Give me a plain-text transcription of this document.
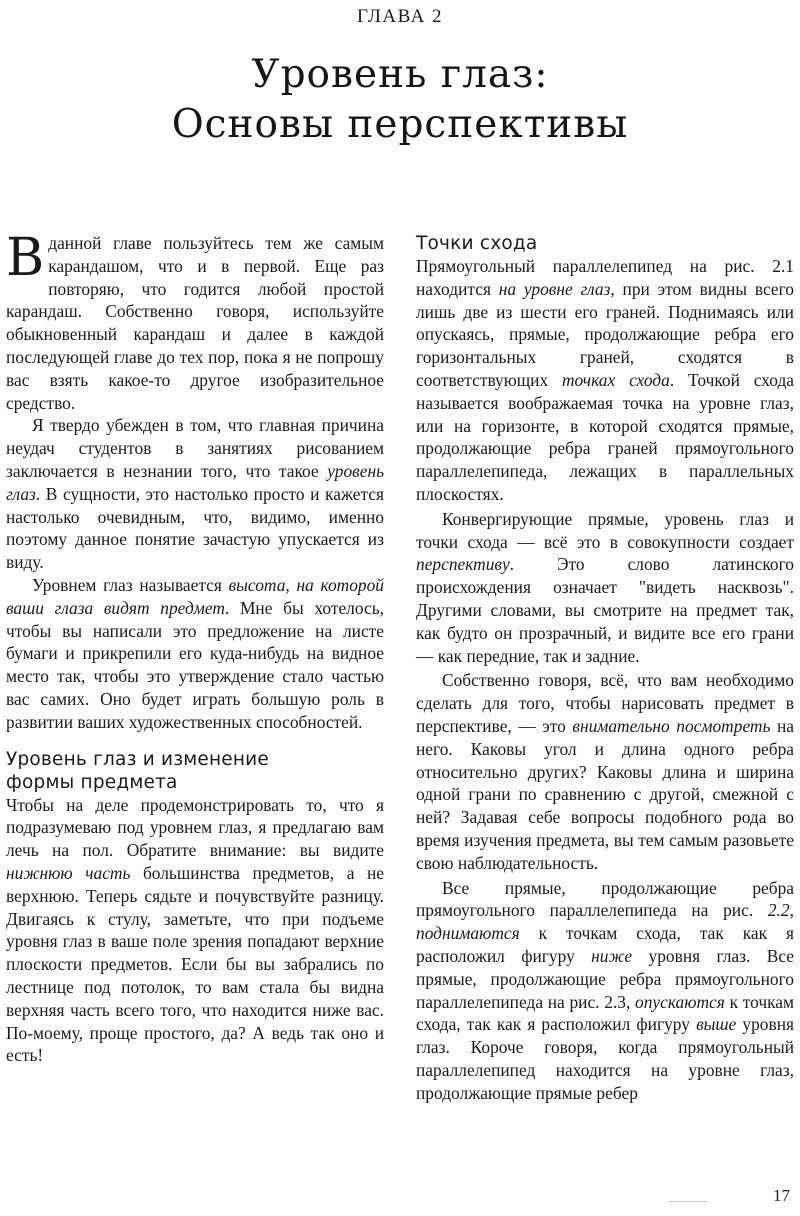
ГЛАВА 2
Уровень глаз:
Основы перспективы

Вданной главе пользуйтесь тем же самым карандашом, что и в первой. Еще раз повторяю, что годится любой простой карандаш. Собственно говоря, используйте обыкновенный карандаш и далее в каждой последующей главе до тех пор, пока я не попрошу вас взять какое-то другое изобразительное средство.

Я твердо убежден в том, что главная причина неудач студентов в занятиях рисованием заключается в незнании того, что такое уровень глаз. В сущности, это настолько просто и кажется настолько очевидным, что, видимо, именно поэтому данное понятие зачастую упускается из виду.

Уровнем глаз называется высота, на которой ваши глаза видят предмет. Мне бы хотелось, чтобы вы написали это предложение на листе бумаги и прикрепили его куда-нибудь на видное место так, чтобы это утверждение стало частью вас самих. Оно будет играть большую роль в развитии ваших художественных способностей.

Уровень глаз и изменение
формы предмета

Чтобы на деле продемонстрировать то, что я подразумеваю под уровнем глаз, я предлагаю вам лечь на пол. Обратите внимание: вы видите нижнюю часть большинства предметов, а не верхнюю. Теперь сядьте и почувствуйте разницу. Двигаясь к стулу, заметьте, что при подъеме уровня глаз в ваше поле зрения попадают верхние плоскости предметов. Если бы вы забрались по лестнице под потолок, то вам стала бы видна верхняя часть всего того, что находится ниже вас. По-моему, проще простого, да? А ведь так оно и есть!

Точки схода

Прямоугольный параллелепипед на рис. 2.1 находится на уровне глаз, при этом видны всего лишь две из шести его граней. Поднимаясь или опускаясь, прямые, продолжающие ребра его горизонтальных граней, сходятся в соответствующих точках схода. Точкой схода называется воображаемая точка на уровне глаз, или на горизонте, в которой сходятся прямые, продолжающие ребра граней прямоугольного параллелепипеда, лежащих в параллельных плоскостях.

Конвергирующие прямые, уровень глаз и точки схода — всё это в совокупности создает перспективу. Это слово латинского происхождения означает "видеть насквозь". Другими словами, вы смотрите на предмет так, как будто он прозрачный, и видите все его грани — как передние, так и задние.

Собственно говоря, всё, что вам необходимо сделать для того, чтобы нарисовать предмет в перспективе, — это внимательно посмотреть на него. Каковы угол и длина одного ребра относительно других? Каковы длина и ширина одной грани по сравнению с другой, смежной с ней? Задавая себе вопросы подобного рода во время изучения предмета, вы тем самым разовьете свою наблюдательность.

Все прямые, продолжающие ребра прямоугольного параллелепипеда на рис. 2.2, поднимаются к точкам схода, так как я расположил фигуру ниже уровня глаз. Все прямые, продолжающие ребра прямоугольного параллелепипеда на рис. 2.3, опускаются к точкам схода, так как я расположил фигуру выше уровня глаз. Короче говоря, когда прямоугольный параллелепипед находится на уровне глаз, продолжающие прямые ребер

17
